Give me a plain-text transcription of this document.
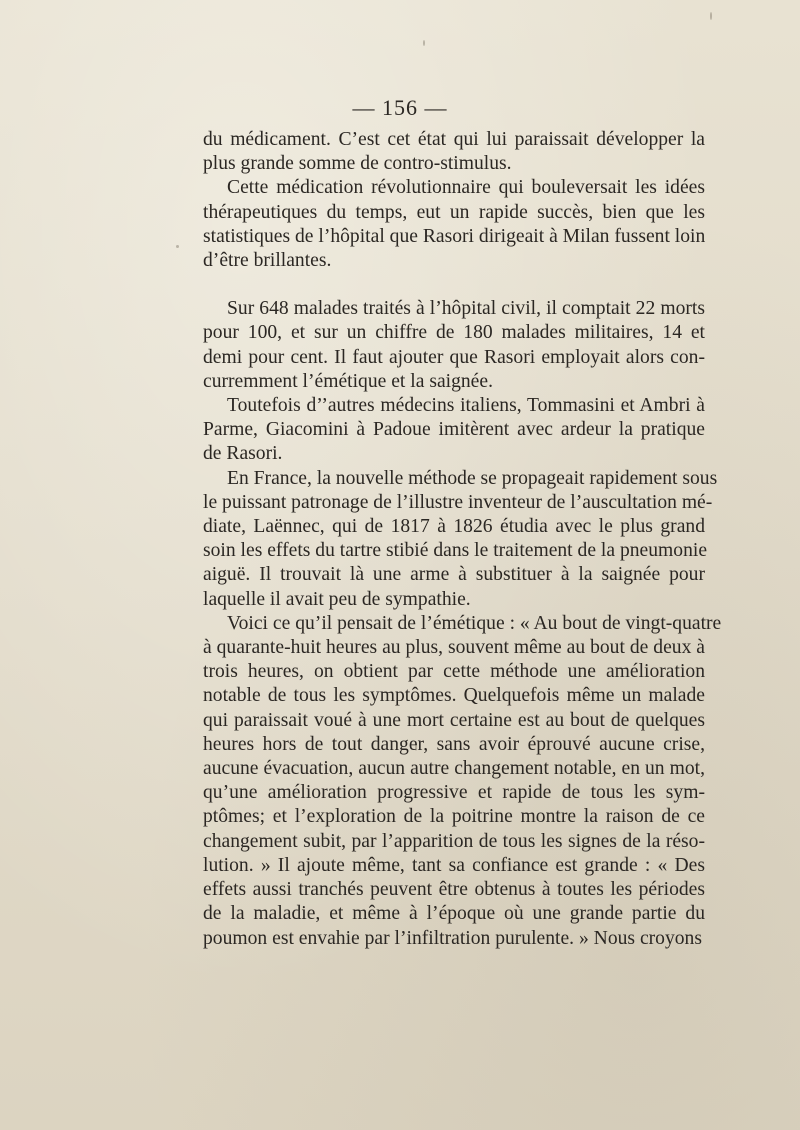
— 156 —

du médicament. C’est cet état qui lui paraissait développer la
plus grande somme de contro-stimulus.

Cette médication révolutionnaire qui bouleversait les idées
thérapeutiques du temps, eut un rapide succès, bien que les
statistiques de l’hôpital que Rasori dirigeait à Milan fussent loin
d’être brillantes.

Sur 648 malades traités à l’hôpital civil, il comptait 22 morts
pour 100, et sur un chiffre de 180 malades militaires, 14 et
demi pour cent. Il faut ajouter que Rasori employait alors con-
curremment l’émétique et la saignée.

Toutefois d’’autres médecins italiens, Tommasini et Ambri à
Parme, Giacomini à Padoue imitèrent avec ardeur la pratique
de Rasori.

En France, la nouvelle méthode se propageait rapidement sous
le puissant patronage de l’illustre inventeur de l’auscultation mé-
diate, Laënnec, qui de 1817 à 1826 étudia avec le plus grand
soin les effets du tartre stibié dans le traitement de la pneumonie
aiguë. Il trouvait là une arme à substituer à la saignée pour
laquelle il avait peu de sympathie.

Voici ce qu’il pensait de l’émétique : « Au bout de vingt-quatre
à quarante-huit heures au plus, souvent même au bout de deux à
trois heures, on obtient par cette méthode une amélioration
notable de tous les symptômes. Quelquefois même un malade
qui paraissait voué à une mort certaine est au bout de quelques
heures hors de tout danger, sans avoir éprouvé aucune crise,
aucune évacuation, aucun autre changement notable, en un mot,
qu’une amélioration progressive et rapide de tous les sym-
ptômes; et l’exploration de la poitrine montre la raison de ce
changement subit, par l’apparition de tous les signes de la réso-
lution. » Il ajoute même, tant sa confiance est grande : « Des
effets aussi tranchés peuvent être obtenus à toutes les périodes
de la maladie, et même à l’époque où une grande partie du
poumon est envahie par l’infiltration purulente. » Nous croyons
